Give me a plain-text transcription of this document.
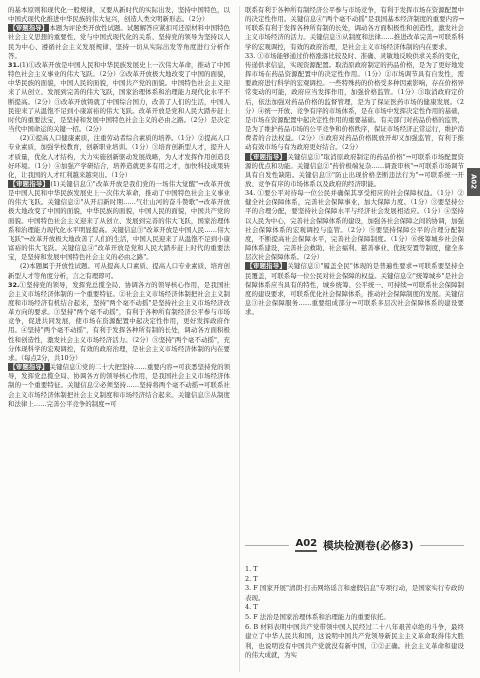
的基本原则和现代化一般规律，又要从新时代的实际出发，坚持中国特色，以中国式现代化推进中华民族的伟大复兴，创造人类文明新形态。（2分）

【审题指导】 本题为评论类开放性试题。试题解答应紧扣可还原材料中国特色社会主义思想的重要性、党与中国式现代化的关系、坚持党的领导为坚持以人民为中心、遵循社会主义发展规律、坚持一切从实际出发等角度进行分析作答。

31.(1)①改革开放是中国人民和中华民族发展史上一次伟大革命，推动了中国特色社会主义事业的伟大飞跃。（2分）②改革开放极大地改变了中国的面貌，中华民族的面貌，中国人民的面貌，中国共产党的面貌。中国特色社会主义迎来了从创立、发展到完善的伟大飞跃，国家治理体系和治理能力现代化水平不断提高。（2分）③改革开放铸就了中国综合国力，改善了人们的生活，中国人民迎来了从温饱不足到小康富裕的伟大飞跃。改革开放是党和人民大踏步赶上时代的重要法宝，是坚持和发展中国特色社会主义的必由之路。（2分）是决定当代中国命运的关键一招。（2分）

(2)①提高人口健康素质，注重劳动者综合素质的培养。（1分）②提高人口专业素质，加强学校教育，创新职业培训。（1分）③培育创新型人才，提升人才质量，优化人才结构，大力实施创新驱动发展战略，为人才发挥作用创造良好环境。（1分）④加强产学研结合，培养造就更多有用之才，加快科技成果转化，让我国的人才红利越来越突出。（1分）

【审题指导】 (1)关键信息①"改革开放是我们党的一场伟大觉醒"→改革开放是中国人民和中华民族发展史上一次伟大革命，推动了中国特色社会主义事业的伟大飞跃。关键信息②"从开启新时期……气壮山河的奋斗赞歌"→改革开放极大地改变了中国的面貌，中华民族的面貌，中国人民的面貌，中国共产党的面貌。中国特色社会主义迎来了从创立、发展到完善的伟大飞跃，国家治理体系和治理能力现代化水平明显提高。关键信息③"改革开放是中国人民……伟大飞跃"→改革开放极大地改善了人们的生活，中国人民迎来了从温饱不足到小康富裕的伟大飞跃。关键信息④"改革开放是党和人民大踏步赶上时代的重要法宝，是坚持和发展中国特色社会主义的必由之路"。

(2)本题属于开放性试题。可从提高人口素质、提高人口专业素质、培育创新型人才等角度分析，言之有理即可。

32.①坚持党的领导，发挥党总揽全局、协调各方的领导核心作用，是我国社会主义市场经济体制的一个重要特征。②社会主义市场经济体制把社会主义制度和市场经济有机结合起来，坚持"两个毫不动摇"是坚持社会主义市场经济改革方向的要求。③坚持"两个毫不动摇"，有利于各种所有制经济公平参与市场竞争，促进共同发展，使市场在资源配置中起决定性作用，更好发挥政府作用。④坚持"两个毫不动摇"，有利于发挥各种所有制的长处，调动各方面积极性和创造性，激发社会主义市场经济活力。（2分）⑤坚持"两个毫不动摇"，充分体现科学的宏观调控，有效的政府治理，是社会主义市场经济体制的内在要求。（每点2分，共10分）

【审题指导】 关键信息①党的二十大把坚持……重要内容→可获悉坚持党的领导，发挥党总揽全局、协调各方的领导核心作用，是我国社会主义市场经济体制的一个重要特征。关键信息②必须坚持……坚持将两个毫不动摇→可联系社会主义市场经济体制把社会主义制度和市场经济结合起来。关键信息③从制度和法律上……完善公平竞争的制度→可

联系有利于各种所有制经济公平参与市场竞争，有利于发挥市场在资源配置中的决定性作用。关键信息④"两个毫不动摇"是我国基本经济制度的重要内容→可联系有利于发挥各种所有制的长处，调动各方面积极性和创造性，激发社会主义市场经济的活力。关键信息⑤从制度和法律……推进改革完善→可联系科学的宏观调控，有效的政府治理，是社会主义市场经济体制的内在要求。

33. ①市场能够通过价格涨落比较及时、准确、灵敏地反映供求关系的变化，传递供求信息，实现资源配置。取消原政府制定的药品价格，是为了更好地发挥市场在药品资源配置中的决定性作用。（1分）②市场调节具有自发性，需要政府进行科学的宏观调控。一些特殊药的价格受多种因素影响，存在价格异常变动的可能，政府应当发挥作用，加强价格监管。（1分）③取消政府定价后，依法加强对药品价格的监督管理，是为了保证医药市场的健康发展。（2分）④统一开放、竞争有序的市场体系，是在市场中发挥决定性作用的基础，是市场在资源配置中起决定性作用的重要基础。有关部门对药品价格的监管，是为了维护药品市场的公平竞争和价格秩序，保证市场经济正常运行，维护消费者的合法权益。（2分）⑤政府对药品价格既放开却又加强监管，有利于推动有效市场与有为政府更好结合。（2分）

【审题指导】 关键信息①"取消原政府制定的药品价格"→可联系市场配置资源的优点和功能。关键信息②"药价极端复杂……调查审核"→可联系市场调节具有自发性缺陷。关键信息③"防止出现价格垄断违法行为"→可联系统一开放、竞争有序的市场体系以及政府的经济职能。

34. ①要公平对待每一位公民并确保其享受相应的社会保障权益。（1分）②健全社会保障体系，完善社会保障事业，加大保障力度。（1分）③要坚持公平的合理分配，要坚持社会保障水平与经济社会发展相适应。（1分）④坚持以人民为中心，完善社会保障体系的建设，加强各社会保障之间的协调，加强社会保障体系的宏观调控与监管。（2分）⑤要坚持保障公平的合理分配制度，不断提高社会保障水平，完善社会保障制度。（1分）⑥统筹城乡社会保障体系建设，完善社会救助、社会福利、慈善事业、优抚安置等制度，健全多层次社会保障体系。（2分）

【审题指导】 关键信息①"履盖全民"体现的是普遍性要求→可联系要坚持全民覆盖，可联系每一位公民对社会保障的权益。关键信息②"统筹城乡"是社会保障体系应当具有的特性，城乡统筹、公平统一、可持续→可联系社会保障制度的建设要求，可联系优化社会保障体系，推动社会保障制度的发展。关键信息③社会保障服务……重要组成部分→可联系多层次社会保障体系的建设要求。

A02 模块检测卷(必修3)
1. T
2. T
3. F 国家开展"清朗·打击网络谣言和虚假信息"专项行动，是国家实行专政的表现。
4. T
5. F 法治是国家治理体系和治理能力的重要依托。
6. B 材料表明中国共产党带领中国人民经过二十八年艰苦卓绝的斗争，最终建立了中华人民共和国，这说明中国共产党领导新民主主义革命取得伟大胜利，也说明没有中国共产党就没有新中国，①②正确。社会主义革命和建设的伟大成就，为实
A02
